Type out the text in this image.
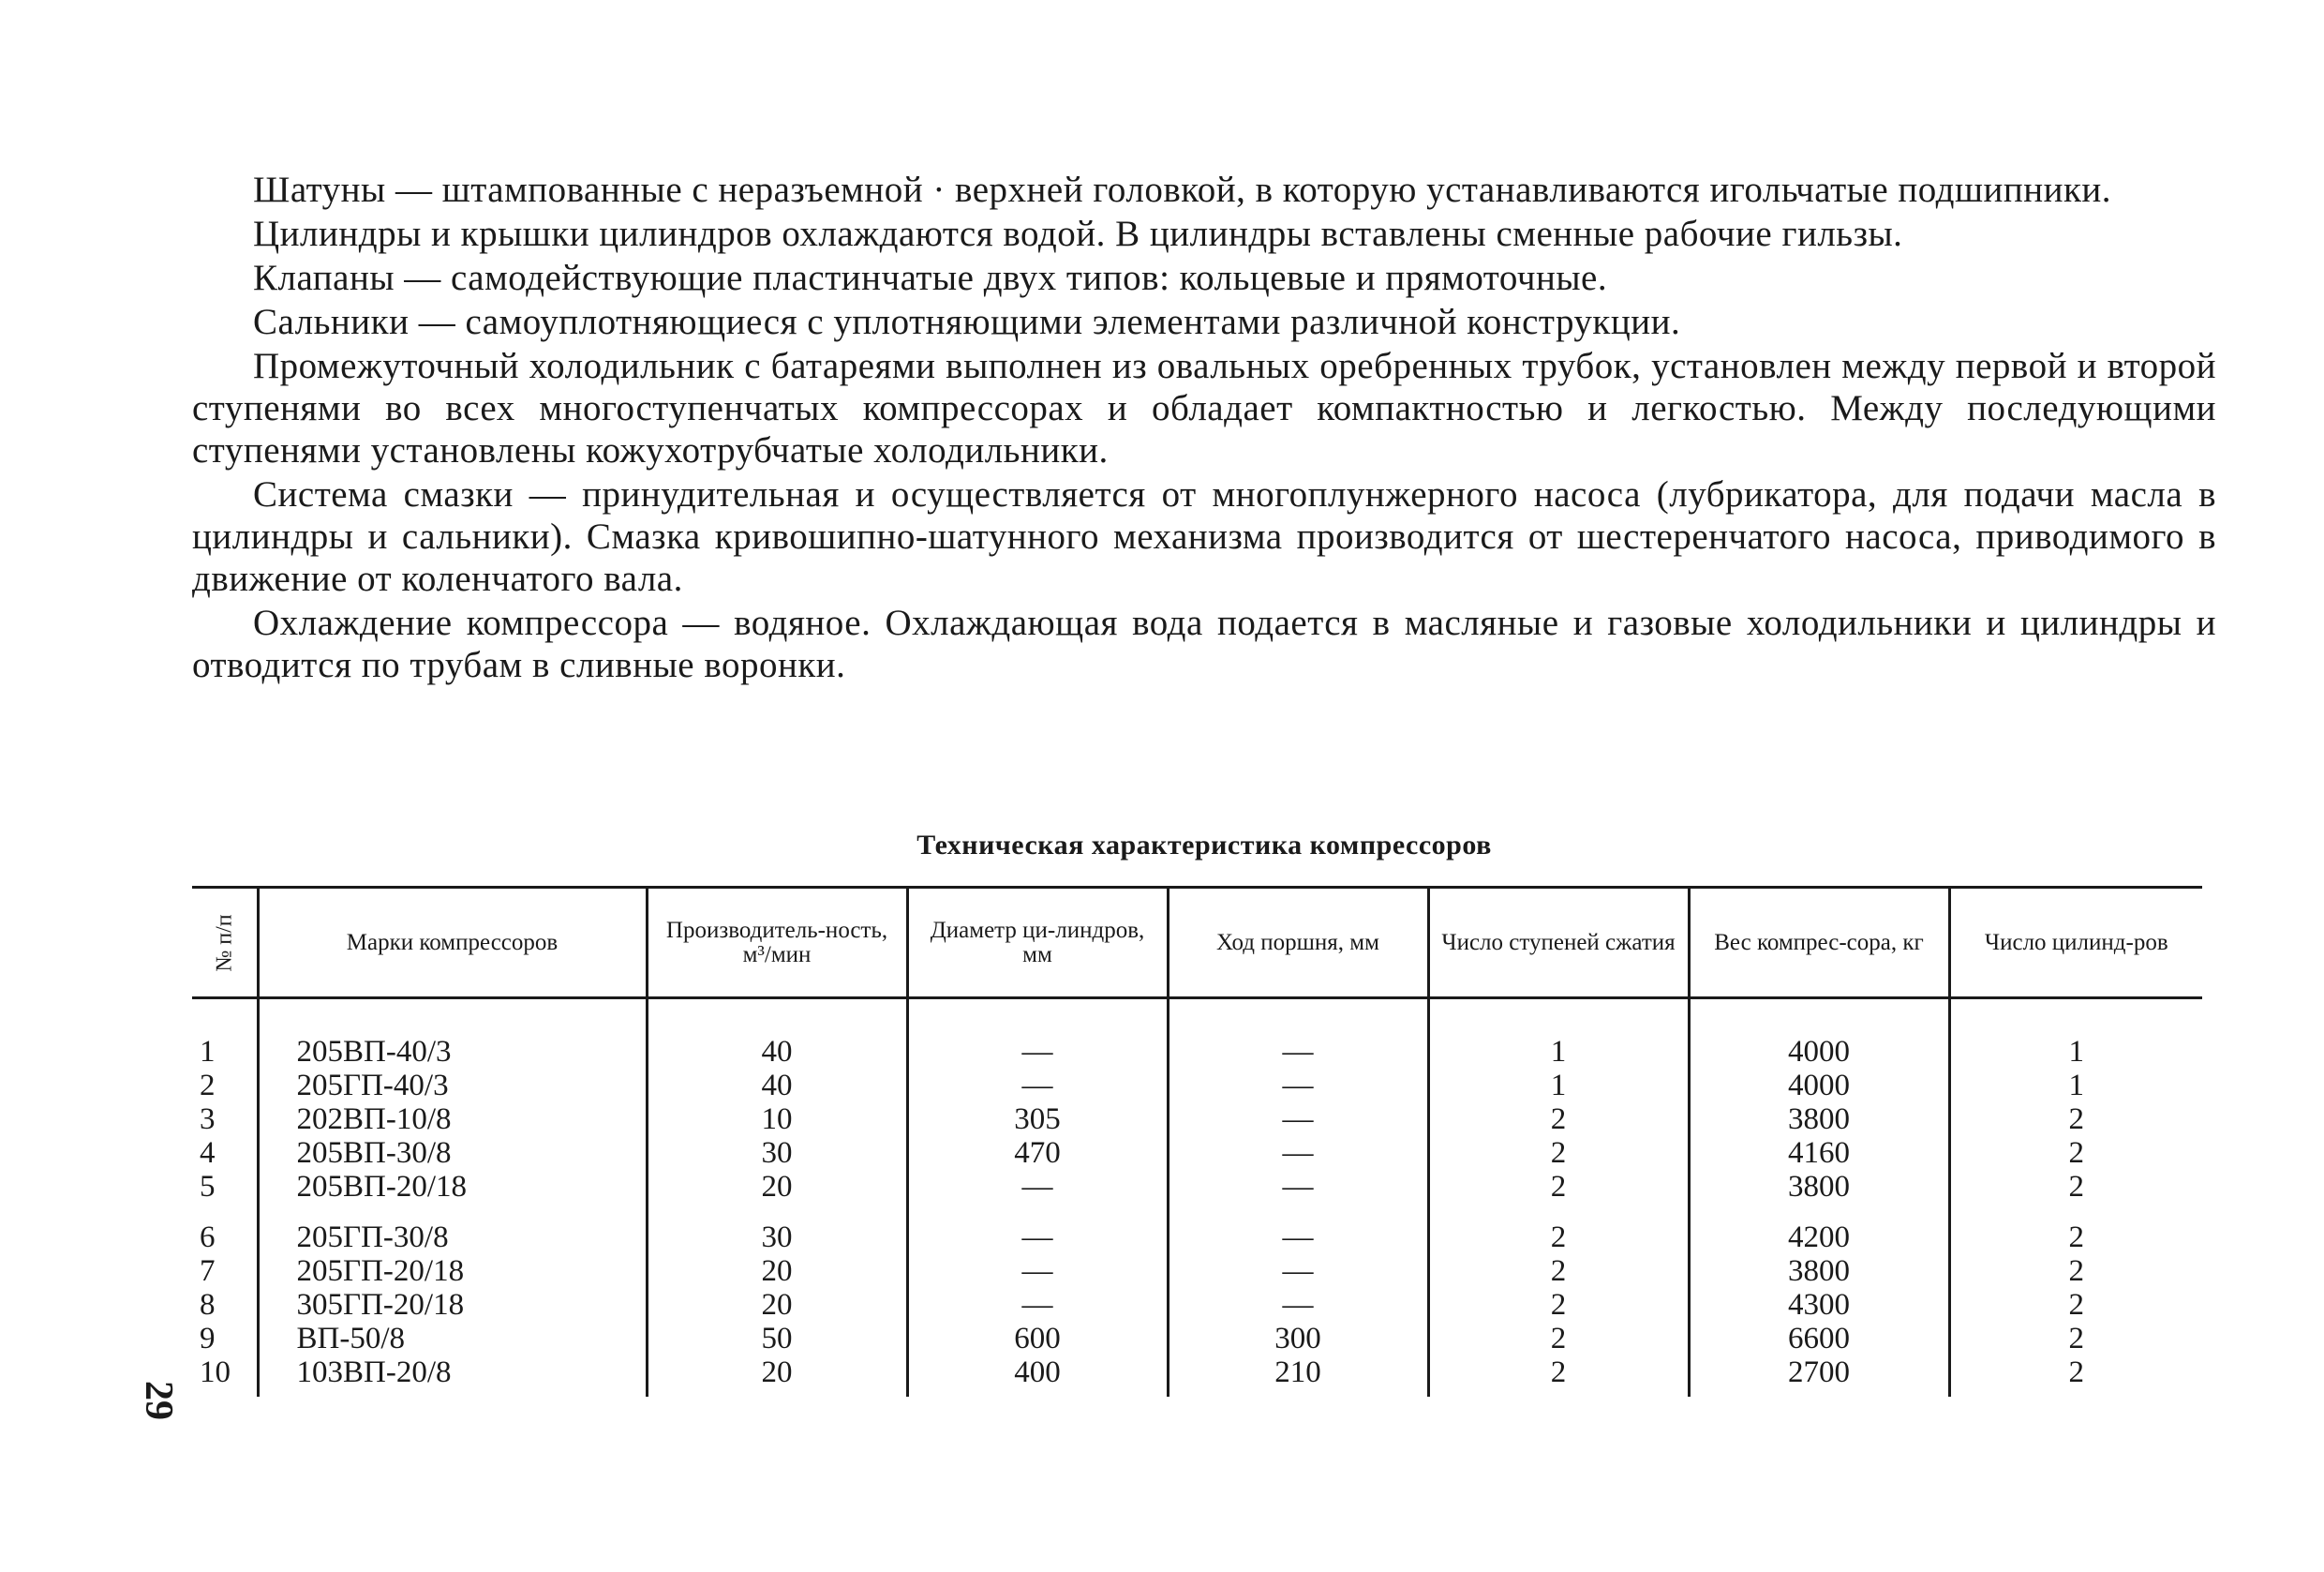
Шатуны — штампованные с неразъемной · верхней головкой, в которую устанавливаются игольчатые подшипники.

Цилиндры и крышки цилиндров охлаждаются водой. В цилиндры вставлены сменные рабочие гильзы.

Клапаны — самодействующие пластинчатые двух типов: кольцевые и прямоточные.

Сальники — самоуплотняющиеся с уплотняющими элементами различной конструкции.

Промежуточный холодильник с батареями выполнен из овальных оребренных трубок, установлен между первой и второй ступенями во всех многоступенчатых компрессорах и обладает компактностью и легкостью. Между последующими ступенями установлены кожухотрубчатые холодильники.

Система смазки — принудительная и осуществляется от многоплунжерного насоса (лубрикатора, для подачи масла в цилиндры и сальники). Смазка кривошипно-шатунного механизма производится от шестеренчатого насоса, приводимого в движение от коленчатого вала.

Охлаждение компрессора — водяное. Охлаждающая вода подается в масляные и газовые холодильники и цилиндры и отводится по трубам в сливные воронки.

Техническая характеристика компрессоров
№ п/п	Марки компрессоров	Производитель-ность, м³/мин	Диаметр ци-линдров, мм	Ход поршня, мм	Число ступеней сжатия	Вес компрес-сора, кг	Число цилинд-ров
1	205ВП-40/3	40	—	—	1	4000	1
2	205ГП-40/3	40	—	—	1	4000	1
3	202ВП-10/8	10	305	—	2	3800	2
4	205ВП-30/8	30	470	—	2	4160	2
5	205ВП-20/18	20	—	—	2	3800	2
6	205ГП-30/8	30	—	—	2	4200	2
7	205ГП-20/18	20	—	—	2	3800	2
8	305ГП-20/18	20	—	—	2	4300	2
9	ВП-50/8	50	600	300	2	6600	2
10	103ВП-20/8	20	400	210	2	2700	2
29
